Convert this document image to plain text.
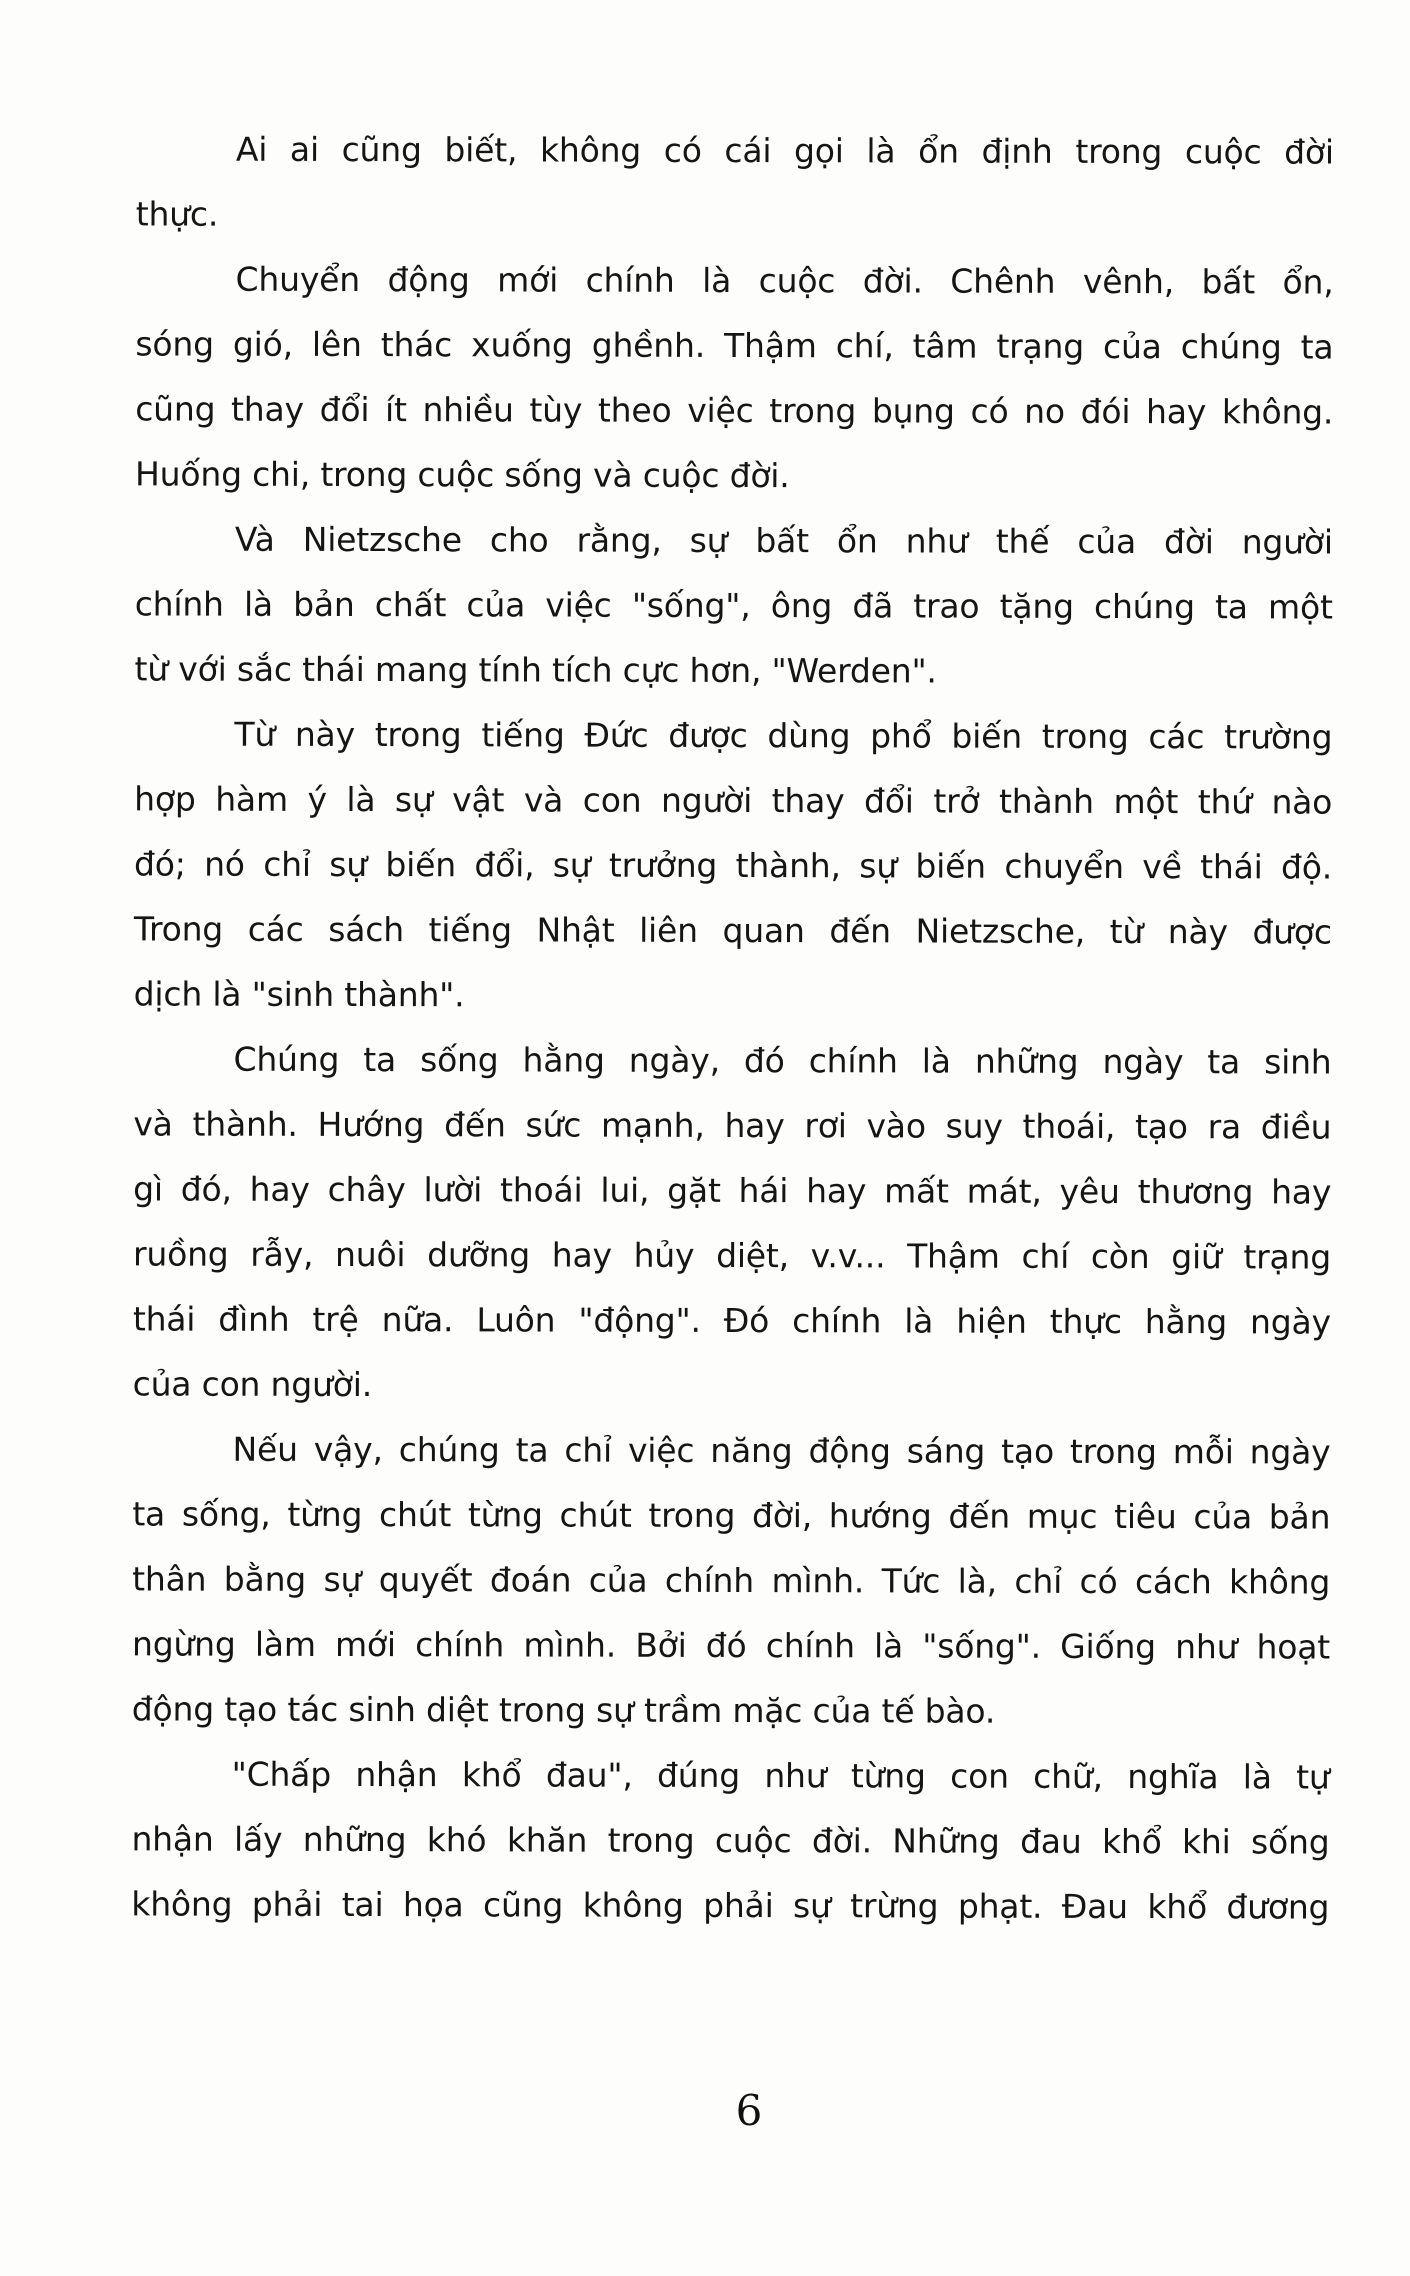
Ai ai cũng biết, không có cái gọi là ổn định trong cuộc đời
thực.
Chuyển động mới chính là cuộc đời. Chênh vênh, bất ổn,
sóng gió, lên thác xuống ghềnh. Thậm chí, tâm trạng của chúng ta
cũng thay đổi ít nhiều tùy theo việc trong bụng có no đói hay không.
Huống chi, trong cuộc sống và cuộc đời.
Và Nietzsche cho rằng, sự bất ổn như thế của đời người
chính là bản chất của việc "sống", ông đã trao tặng chúng ta một
từ với sắc thái mang tính tích cực hơn, "Werden".
Từ này trong tiếng Đức được dùng phổ biến trong các trường
hợp hàm ý là sự vật và con người thay đổi trở thành một thứ nào
đó; nó chỉ sự biến đổi, sự trưởng thành, sự biến chuyển về thái độ.
Trong các sách tiếng Nhật liên quan đến Nietzsche, từ này được
dịch là "sinh thành".
Chúng ta sống hằng ngày, đó chính là những ngày ta sinh
và thành. Hướng đến sức mạnh, hay rơi vào suy thoái, tạo ra điều
gì đó, hay chây lười thoái lui, gặt hái hay mất mát, yêu thương hay
ruồng rẫy, nuôi dưỡng hay hủy diệt, v.v... Thậm chí còn giữ trạng
thái đình trệ nữa. Luôn "động". Đó chính là hiện thực hằng ngày
của con người.
Nếu vậy, chúng ta chỉ việc năng động sáng tạo trong mỗi ngày
ta sống, từng chút từng chút trong đời, hướng đến mục tiêu của bản
thân bằng sự quyết đoán của chính mình. Tức là, chỉ có cách không
ngừng làm mới chính mình. Bởi đó chính là "sống". Giống như hoạt
động tạo tác sinh diệt trong sự trầm mặc của tế bào.
"Chấp nhận khổ đau", đúng như từng con chữ, nghĩa là tự
nhận lấy những khó khăn trong cuộc đời. Những đau khổ khi sống
không phải tai họa cũng không phải sự trừng phạt. Đau khổ đương
6
